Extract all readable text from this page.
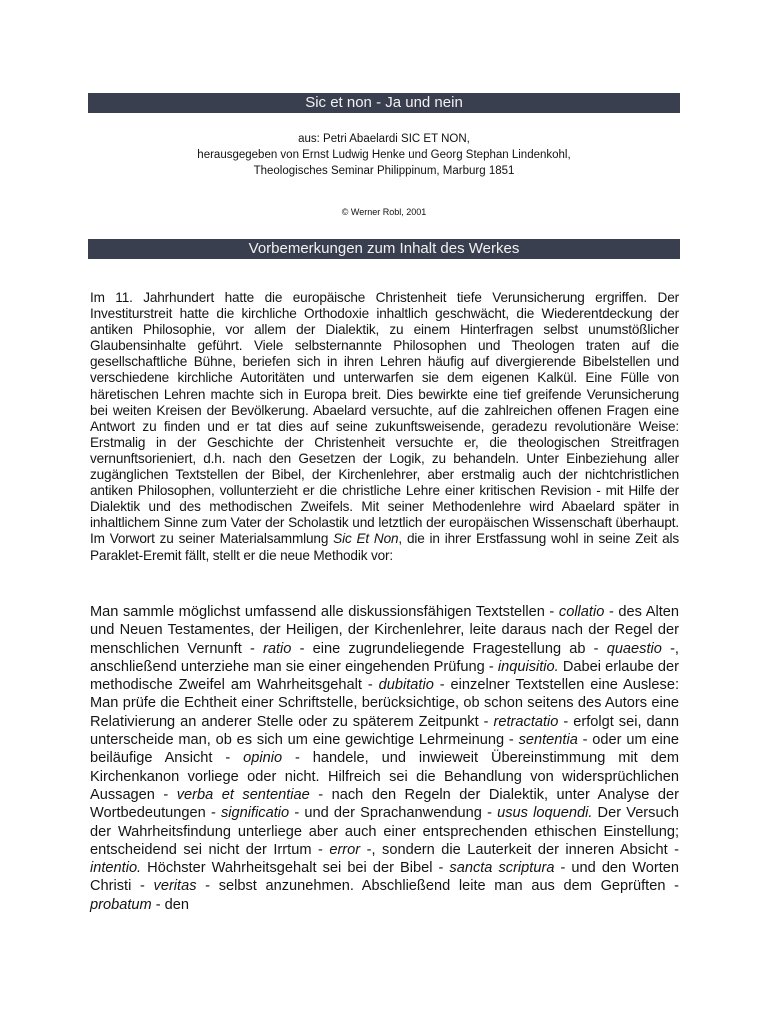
Sic et non - Ja und nein
aus: Petri Abaelardi SIC ET NON,
herausgegeben von Ernst Ludwig Henke und Georg Stephan Lindenkohl,
Theologisches Seminar Philippinum, Marburg 1851
© Werner Robl, 2001
Vorbemerkungen zum Inhalt des Werkes

Im 11. Jahrhundert hatte die europäische Christenheit tiefe Verunsicherung ergriffen. Der Investiturstreit hatte die kirchliche Orthodoxie inhaltlich geschwächt, die Wiederentdeckung der antiken Philosophie, vor allem der Dialektik, zu einem Hinterfragen selbst unumstößlicher Glaubensinhalte geführt. Viele selbsternannte Philosophen und Theologen traten auf die gesellschaftliche Bühne, beriefen sich in ihren Lehren häufig auf divergierende Bibelstellen und verschiedene kirchliche Autoritäten und unterwarfen sie dem eigenen Kalkül. Eine Fülle von häretischen Lehren machte sich in Europa breit. Dies bewirkte eine tief greifende Verunsicherung bei weiten Kreisen der Bevölkerung. Abaelard versuchte, auf die zahlreichen offenen Fragen eine Antwort zu finden und er tat dies auf seine zukunftsweisende, geradezu revolutionäre Weise: Erstmalig in der Geschichte der Christenheit versuchte er, die theologischen Streitfragen vernunftsorieniert, d.h. nach den Gesetzen der Logik, zu behandeln. Unter Einbeziehung aller zugänglichen Textstellen der Bibel, der Kirchenlehrer, aber erstmalig auch der nichtchristlichen antiken Philosophen, vollunterzieht er die christliche Lehre einer kritischen Revision - mit Hilfe der Dialektik und des methodischen Zweifels. Mit seiner Methodenlehre wird Abaelard später in inhaltlichem Sinne zum Vater der Scholastik und letztlich der europäischen Wissenschaft überhaupt. Im Vorwort zu seiner Materialsammlung Sic Et Non, die in ihrer Erstfassung wohl in seine Zeit als Paraklet-Eremit fällt, stellt er die neue Methodik vor:

Man sammle möglichst umfassend alle diskussionsfähigen Textstellen - collatio - des Alten und Neuen Testamentes, der Heiligen, der Kirchenlehrer, leite daraus nach der Regel der menschlichen Vernunft - ratio - eine zugrundeliegende Fragestellung ab - quaestio -, anschließend unterziehe man sie einer eingehenden Prüfung - inquisitio. Dabei erlaube der methodische Zweifel am Wahrheitsgehalt - dubitatio - einzelner Textstellen eine Auslese: Man prüfe die Echtheit einer Schriftstelle, berücksichtige, ob schon seitens des Autors eine Relativierung an anderer Stelle oder zu späterem Zeitpunkt - retractatio - erfolgt sei, dann unterscheide man, ob es sich um eine gewichtige Lehrmeinung - sententia - oder um eine beiläufige Ansicht - opinio - handele, und inwieweit Übereinstimmung mit dem Kirchenkanon vorliege oder nicht. Hilfreich sei die Behandlung von widersprüchlichen Aussagen - verba et sententiae - nach den Regeln der Dialektik, unter Analyse der Wortbedeutungen - significatio - und der Sprachanwendung - usus loquendi. Der Versuch der Wahrheitsfindung unterliege aber auch einer entsprechenden ethischen Einstellung; entscheidend sei nicht der Irrtum - error -, sondern die Lauterkeit der inneren Absicht - intentio. Höchster Wahrheitsgehalt sei bei der Bibel - sancta scriptura - und den Worten Christi - veritas - selbst anzunehmen. Abschließend leite man aus dem Geprüften - probatum - den
